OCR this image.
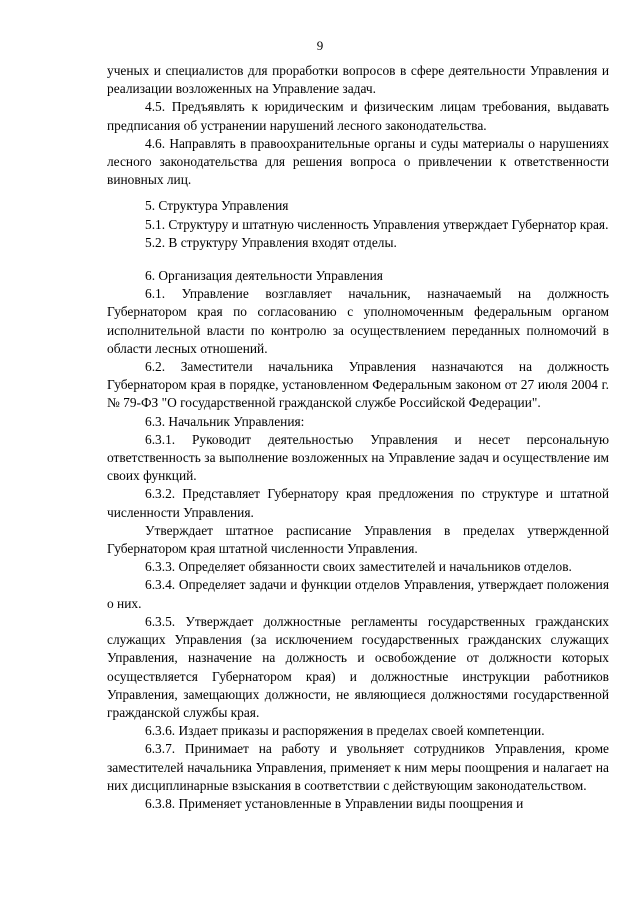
9

ученых и специалистов для проработки вопросов в сфере деятельности Управления и реализации возложенных на Управление задач.

4.5. Предъявлять к юридическим и физическим лицам требования, выдавать предписания об устранении нарушений лесного законодательства.

4.6. Направлять в правоохранительные органы и суды материалы о нарушениях лесного законодательства для решения вопроса о привлечении к ответственности виновных лиц.

5. Структура Управления

5.1. Структуру и штатную численность Управления утверждает Губернатор края.

5.2. В структуру Управления входят отделы.

6. Организация деятельности Управления

6.1. Управление возглавляет начальник, назначаемый на должность Губернатором края по согласованию с уполномоченным федеральным органом исполнительной власти по контролю за осуществлением переданных полномочий в области лесных отношений.

6.2. Заместители начальника Управления назначаются на должность Губернатором края в порядке, установленном Федеральным законом от 27 июля 2004 г. № 79-ФЗ "О государственной гражданской службе Российской Федерации".

6.3. Начальник Управления:

6.3.1. Руководит деятельностью Управления и несет персональную ответственность за выполнение возложенных на Управление задач и осуществление им своих функций.

6.3.2. Представляет Губернатору края предложения по структуре и штатной численности Управления.

Утверждает штатное расписание Управления в пределах утвержденной Губернатором края штатной численности Управления.

6.3.3. Определяет обязанности своих заместителей и начальников отделов.

6.3.4. Определяет задачи и функции отделов Управления, утверждает положения о них.

6.3.5. Утверждает должностные регламенты государственных гражданских служащих Управления (за исключением государственных гражданских служащих Управления, назначение на должность и освобождение от должности которых осуществляется Губернатором края) и должностные инструкции работников Управления, замещающих должности, не являющиеся должностями государственной гражданской службы края.

6.3.6. Издает приказы и распоряжения в пределах своей компетенции.

6.3.7. Принимает на работу и увольняет сотрудников Управления, кроме заместителей начальника Управления, применяет к ним меры поощрения и налагает на них дисциплинарные взыскания в соответствии с действующим законодательством.

6.3.8. Применяет установленные в Управлении виды поощрения и
